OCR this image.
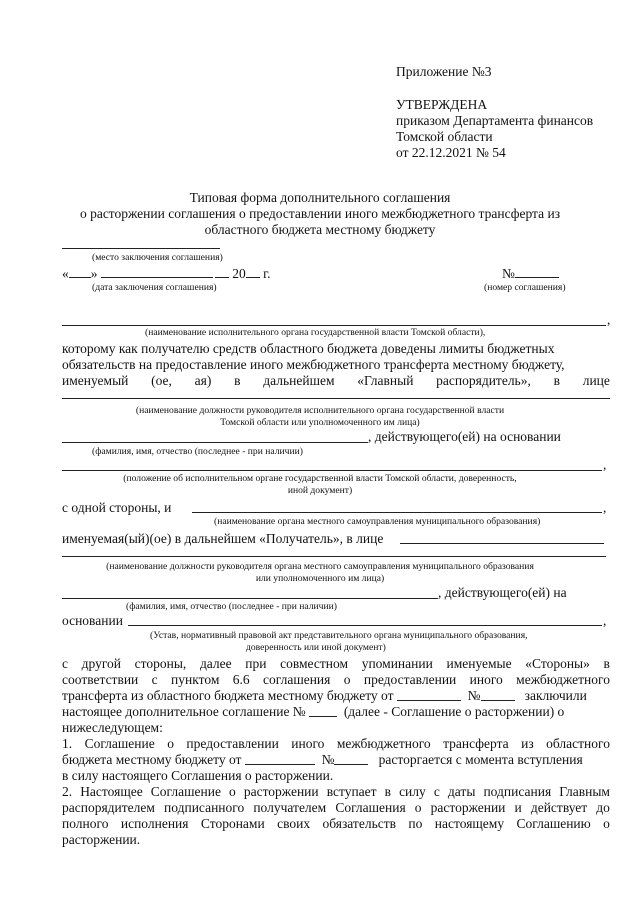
Приложение №3
УТВЕРЖДЕНА
приказом Департамента финансов
Томской области
от 22.12.2021 № 54
Типовая форма дополнительного соглашения
о расторжении соглашения о предоставлении иного межбюджетного трансферта из
областного бюджета местному бюджету
(место заключения соглашения)
« »	20 г.	№
(дата заключения соглашения)	(номер соглашения)
,
(наименование исполнительного органа государственной власти Томской области),
которому как получателю средств областного бюджета доведены лимиты бюджетных
обязательств на предоставление иного межбюджетного трансферта местному бюджету,
именуемый (ое, ая) в дальнейшем «Главный распорядитель», в лице
(наименование должности руководителя исполнительного органа государственной власти
Томской области или уполномоченного им лица)
, действующего(ей) на основании
(фамилия, имя, отчество (последнее - при наличии)
,
(положение об исполнительном органе государственной власти Томской области, доверенность,
иной документ)
с одной стороны, и	,
(наименование органа местного самоуправления муниципального образования)
именуемая(ый)(ое) в дальнейшем «Получатель», в лице
(наименование должности руководителя органа местного самоуправления муниципального образования
или уполномоченного им лица)
, действующего(ей) на
(фамилия, имя, отчество (последнее - при наличии)
основании	,
(Устав, нормативный правовой акт представительного органа муниципального образования,
доверенность или иной документ)
с другой стороны, далее при совместном упоминании именуемые «Стороны» в
соответствии с пунктом 6.6 соглашения о предоставлении иного межбюджетного
трансферта из областного бюджета местному бюджету от

	№
	заключили
настоящее дополнительное соглашение №

	(далее - Соглашение о расторжении) о
нижеследующем:
1. Соглашение о предоставлении иного межбюджетного трансферта из областного
бюджета местному бюджету от

	№
	расторгается с момента вступления
в силу настоящего Соглашения о расторжении.
2. Настоящее Соглашение о расторжении вступает в силу с даты подписания Главным
распорядителем подписанного получателем Соглашения о расторжении и действует до
полного исполнения Сторонами своих обязательств по настоящему Соглашению о
расторжении.
